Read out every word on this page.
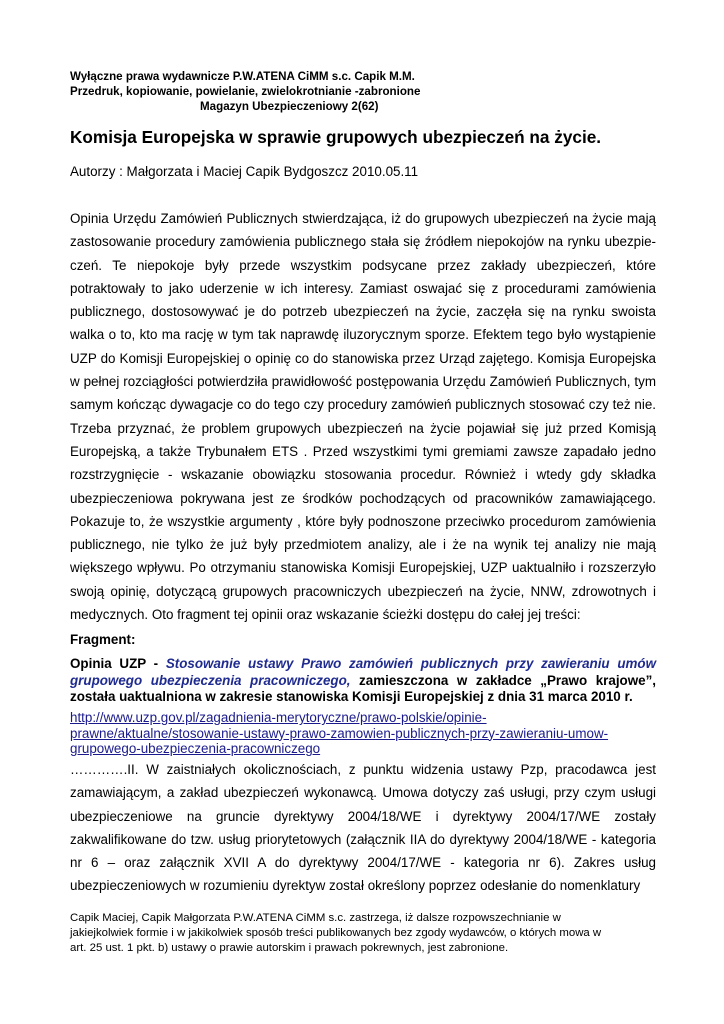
Wyłączne prawa wydawnicze P.W.ATENA CiMM s.c. Capik M.M.
Przedruk, kopiowanie, powielanie, zwielokrotnianie -zabronione
Magazyn Ubezpieczeniowy 2(62)
Komisja Europejska w sprawie grupowych ubezpieczeń na życie.
Autorzy : Małgorzata i Maciej Capik Bydgoszcz 2010.05.11
Opinia Urzędu Zamówień Publicznych stwierdzająca, iż do grupowych ubezpieczeń na życie mają zastosowanie procedury zamówienia publicznego stała się źródłem niepokojów na rynku ubezpie-czeń. Te niepokoje były przede wszystkim podsycane przez zakłady ubezpieczeń, które potraktowały to jako uderzenie w ich interesy. Zamiast oswajać się z procedurami zamówienia publicznego, dostosowywać je do potrzeb ubezpieczeń na życie, zaczęła się na rynku swoista walka o to, kto ma rację w tym tak naprawdę iluzorycznym sporze. Efektem tego było wystąpienie UZP do Komisji Europejskiej o opinię co do stanowiska przez Urząd zajętego. Komisja Europejska w pełnej rozciągłości potwierdziła prawidłowość postępowania Urzędu Zamówień Publicznych, tym samym kończąc dywagacje co do tego czy procedury zamówień publicznych stosować czy też nie. Trzeba przyznać, że problem grupowych ubezpieczeń na życie pojawiał się już przed Komisją Europejską, a także Trybunałem ETS . Przed wszystkimi tymi gremiami zawsze zapadało jedno rozstrzygnięcie - wskazanie obowiązku stosowania procedur. Również i wtedy gdy składka ubezpieczeniowa pokrywana jest ze środków pochodzących od pracowników zamawiającego. Pokazuje to, że wszystkie argumenty , które były podnoszone przeciwko procedurom zamówienia publicznego, nie tylko że już były przedmiotem analizy, ale i że na wynik tej analizy nie mają większego wpływu. Po otrzymaniu stanowiska Komisji Europejskiej, UZP uaktualniło i rozszerzyło swoją opinię, dotyczącą grupowych pracowniczych ubezpieczeń na życie, NNW, zdrowotnych i medycznych. Oto fragment tej opinii oraz wskazanie ścieżki dostępu do całej jej treści:
Fragment:
Opinia UZP - Stosowanie ustawy Prawo zamówień publicznych przy zawieraniu umów grupowego ubezpieczenia pracowniczego, zamieszczona w zakładce „Prawo krajowe”, została uaktualniona w zakresie stanowiska Komisji Europejskiej z dnia 31 marca 2010 r.
http://www.uzp.gov.pl/zagadnienia-merytoryczne/prawo-polskie/opinie-prawne/aktualne/stosowanie-ustawy-prawo-zamowien-publicznych-przy-zawieraniu-umow-grupowego-ubezpieczenia-pracowniczego
………….II. W zaistniałych okolicznościach, z punktu widzenia ustawy Pzp, pracodawca jest zamawiającym, a zakład ubezpieczeń wykonawcą. Umowa dotyczy zaś usługi, przy czym usługi ubezpieczeniowe na gruncie dyrektywy 2004/18/WE i dyrektywy 2004/17/WE zostały zakwalifikowane do tzw. usług priorytetowych (załącznik IIA do dyrektywy 2004/18/WE - kategoria nr 6 – oraz załącznik XVII A do dyrektywy 2004/17/WE - kategoria nr 6). Zakres usług ubezpieczeniowych w rozumieniu dyrektyw został określony poprzez odesłanie do nomenklatury
Capik Maciej, Capik Małgorzata P.W.ATENA CiMM s.c. zastrzega, iż dalsze rozpowszechnianie w
jakiejkolwiek formie i w jakikolwiek sposób treści publikowanych bez zgody wydawców, o których mowa w
art. 25 ust. 1 pkt. b) ustawy o prawie autorskim i prawach pokrewnych, jest zabronione.
